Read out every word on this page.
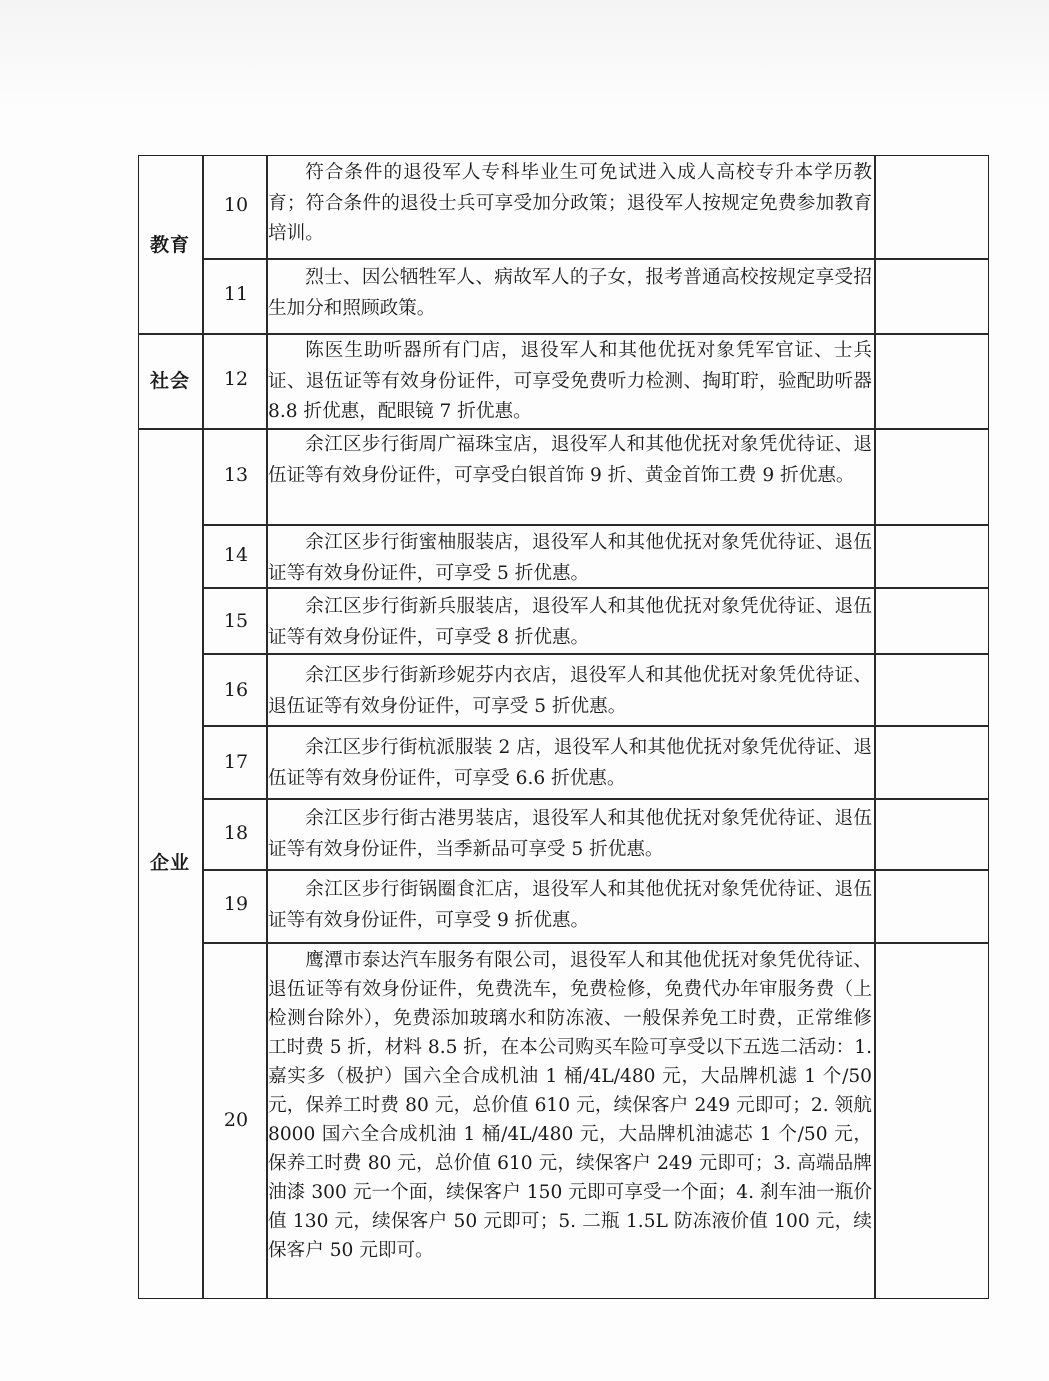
教育
社会
企业
10
符合条件的退役军人专科毕业生可免试进入成人高校专升本学历教育；符合条件的退役士兵可享受加分政策；退役军人按规定免费参加教育培训。
11
烈士、因公牺牲军人、病故军人的子女，报考普通高校按规定享受招生加分和照顾政策。
12
陈医生助听器所有门店，退役军人和其他优抚对象凭军官证、士兵证、退伍证等有效身份证件，可享受免费听力检测、掏耵聍，验配助听器 8.8 折优惠，配眼镜 7 折优惠。
13
余江区步行街周广福珠宝店，退役军人和其他优抚对象凭优待证、退伍证等有效身份证件，可享受白银首饰 9 折、黄金首饰工费 9 折优惠。
14
余江区步行街蜜柚服装店，退役军人和其他优抚对象凭优待证、退伍证等有效身份证件，可享受 5 折优惠。
15
余江区步行街新兵服装店，退役军人和其他优抚对象凭优待证、退伍证等有效身份证件，可享受 8 折优惠。
16
余江区步行街新珍妮芬内衣店，退役军人和其他优抚对象凭优待证、退伍证等有效身份证件，可享受 5 折优惠。
17
余江区步行街杭派服装 2 店，退役军人和其他优抚对象凭优待证、退伍证等有效身份证件，可享受 6.6 折优惠。
18
余江区步行街古港男装店，退役军人和其他优抚对象凭优待证、退伍证等有效身份证件，当季新品可享受 5 折优惠。
19
余江区步行街锅圈食汇店，退役军人和其他优抚对象凭优待证、退伍证等有效身份证件，可享受 9 折优惠。
20
鹰潭市泰达汽车服务有限公司，退役军人和其他优抚对象凭优待证、退伍证等有效身份证件，免费洗车，免费检修，免费代办年审服务费（上检测台除外），免费添加玻璃水和防冻液、一般保养免工时费，正常维修工时费 5 折，材料 8.5 折，在本公司购买车险可享受以下五选二活动：1. 嘉实多（极护）国六全合成机油 1 桶/4L/480 元，大品牌机滤 1 个/50 元，保养工时费 80 元，总价值 610 元，续保客户 249 元即可；2. 领航 8000 国六全合成机油 1 桶/4L/480 元，大品牌机油滤芯 1 个/50 元，保养工时费 80 元，总价值 610 元，续保客户 249 元即可；3. 高端品牌油漆 300 元一个面，续保客户 150 元即可享受一个面；4. 刹车油一瓶价值 130 元，续保客户 50 元即可；5. 二瓶 1.5L 防冻液价值 100 元，续保客户 50 元即可。
